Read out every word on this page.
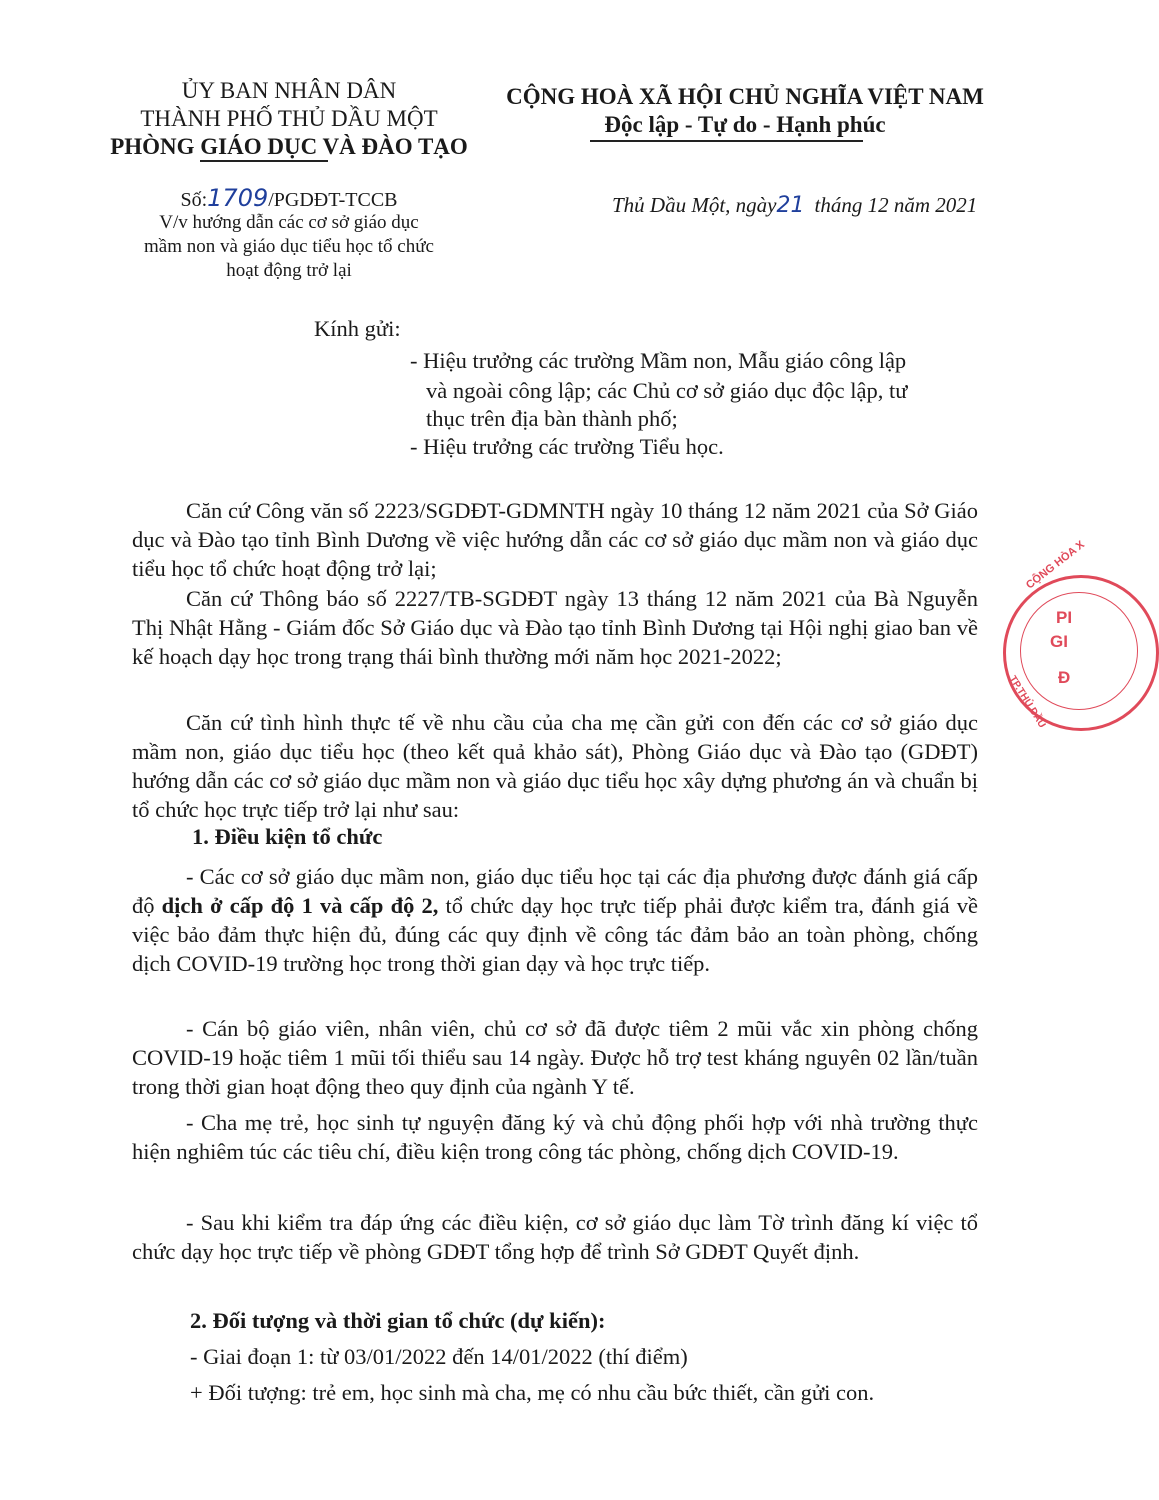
ỦY BAN NHÂN DÂN
THÀNH PHỐ THỦ DẦU MỘT
PHÒNG GIÁO DỤC VÀ ĐÀO TẠO
CỘNG HOÀ XÃ HỘI CHỦ NGHĨA VIỆT NAM
Độc lập - Tự do - Hạnh phúc
Số:1709/PGDĐT-TCCB
V/v hướng dẫn các cơ sở giáo dục
mầm non và giáo dục tiểu học tổ chức
hoạt động trở lại
Thủ Dầu Một, ngày21 tháng 12 năm 2021
Kính gửi:
- Hiệu trưởng các trường Mầm non, Mẫu giáo công lập
và ngoài công lập; các Chủ cơ sở giáo dục độc lập, tư
thục trên địa bàn thành phố;
- Hiệu trưởng các trường Tiểu học.
Căn cứ Công văn số 2223/SGDĐT-GDMNTH ngày 10 tháng 12 năm 2021 của Sở Giáo dục và Đào tạo tỉnh Bình Dương về việc hướng dẫn các cơ sở giáo dục mầm non và giáo dục tiểu học tổ chức hoạt động trở lại;
Căn cứ Thông báo số 2227/TB-SGDĐT ngày 13 tháng 12 năm 2021 của Bà Nguyễn Thị Nhật Hằng - Giám đốc Sở Giáo dục và Đào tạo tỉnh Bình Dương tại Hội nghị giao ban về kế hoạch dạy học trong trạng thái bình thường mới năm học 2021-2022;
Căn cứ tình hình thực tế về nhu cầu của cha mẹ cần gửi con đến các cơ sở giáo dục mầm non, giáo dục tiểu học (theo kết quả khảo sát), Phòng Giáo dục và Đào tạo (GDĐT) hướng dẫn các cơ sở giáo dục mầm non và giáo dục tiểu học xây dựng phương án và chuẩn bị tổ chức học trực tiếp trở lại như sau:
1. Điều kiện tổ chức
- Các cơ sở giáo dục mầm non, giáo dục tiểu học tại các địa phương được đánh giá cấp độ dịch ở cấp độ 1 và cấp độ 2, tổ chức dạy học trực tiếp phải được kiểm tra, đánh giá về việc bảo đảm thực hiện đủ, đúng các quy định về công tác đảm bảo an toàn phòng, chống dịch COVID-19 trường học trong thời gian dạy và học trực tiếp.
- Cán bộ giáo viên, nhân viên, chủ cơ sở đã được tiêm 2 mũi vắc xin phòng chống COVID-19 hoặc tiêm 1 mũi tối thiểu sau 14 ngày. Được hỗ trợ test kháng nguyên 02 lần/tuần trong thời gian hoạt động theo quy định của ngành Y tế.
- Cha mẹ trẻ, học sinh tự nguyện đăng ký và chủ động phối hợp với nhà trường thực hiện nghiêm túc các tiêu chí, điều kiện trong công tác phòng, chống dịch COVID-19.
- Sau khi kiểm tra đáp ứng các điều kiện, cơ sở giáo dục làm Tờ trình đăng kí việc tổ chức dạy học trực tiếp về phòng GDĐT tổng hợp để trình Sở GDĐT Quyết định.
2. Đối tượng và thời gian tổ chức (dự kiến):
- Giai đoạn 1: từ 03/01/2022 đến 14/01/2022 (thí điểm)
+ Đối tượng: trẻ em, học sinh mà cha, mẹ có nhu cầu bức thiết, cần gửi con.
CỘNG HÒA X
TP.THỦ DẦU
PI
GI
Đ
